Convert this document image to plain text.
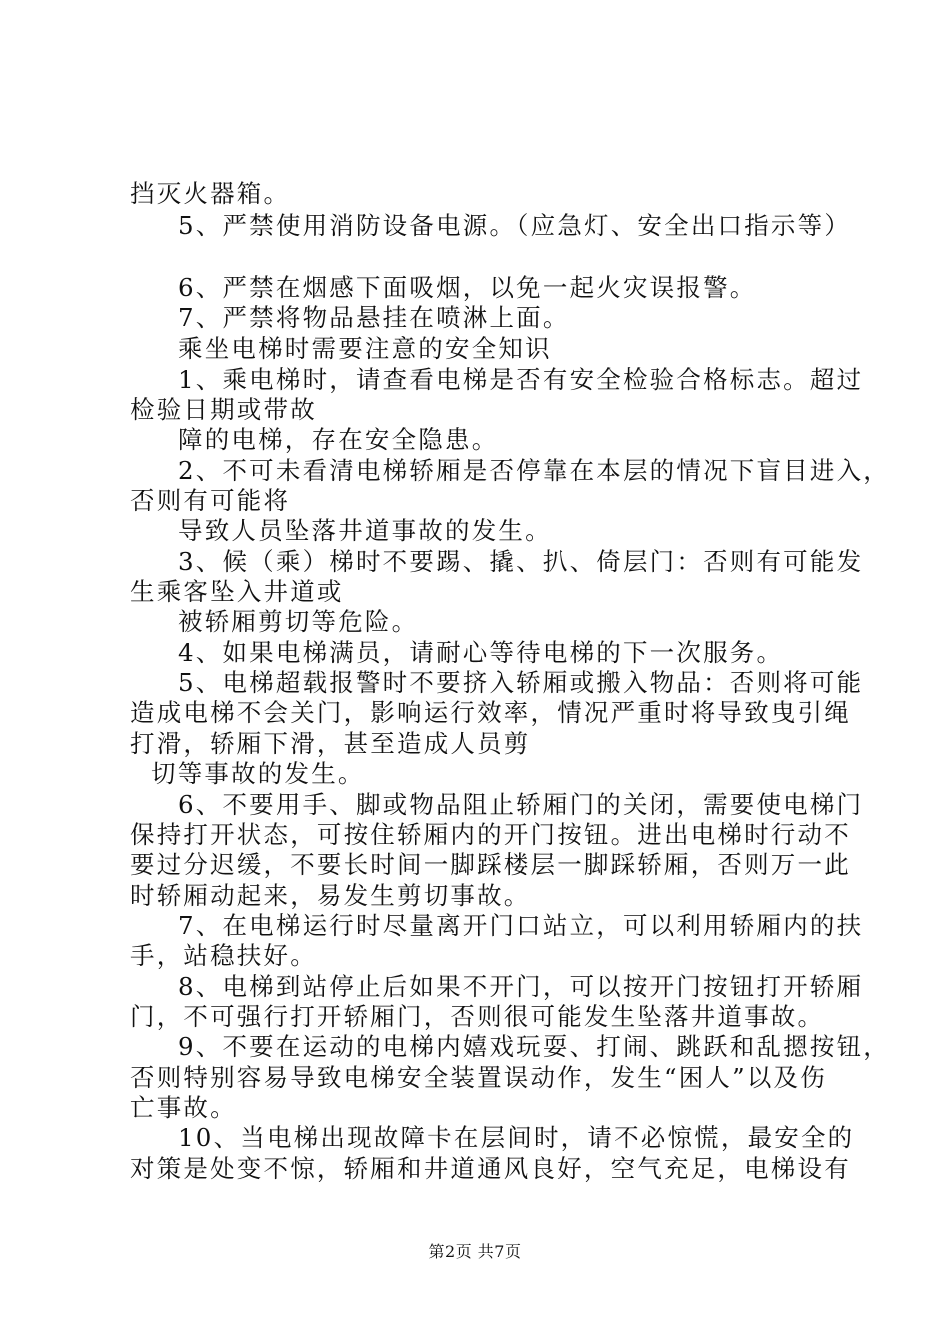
挡灭火器箱。
5、严禁使用消防设备电源。（应急灯、安全出口指示等）
6、严禁在烟感下面吸烟，以免一起火灾误报警。
7、严禁将物品悬挂在喷淋上面。
乘坐电梯时需要注意的安全知识
1、乘电梯时，请查看电梯是否有安全检验合格标志。超过
检验日期或带故
障的电梯，存在安全隐患。
2、不可未看清电梯轿厢是否停靠在本层的情况下盲目进入，
否则有可能将
导致人员坠落井道事故的发生。
3、候（乘）梯时不要踢、撬、扒、倚层门：否则有可能发
生乘客坠入井道或
被轿厢剪切等危险。
4、如果电梯满员，请耐心等待电梯的下一次服务。
5、电梯超载报警时不要挤入轿厢或搬入物品：否则将可能
造成电梯不会关门，影响运行效率，情况严重时将导致曳引绳
打滑，轿厢下滑，甚至造成人员剪
切等事故的发生。
6、不要用手、脚或物品阻止轿厢门的关闭，需要使电梯门
保持打开状态，可按住轿厢内的开门按钮。进出电梯时行动不
要过分迟缓，不要长时间一脚踩楼层一脚踩轿厢，否则万一此
时轿厢动起来，易发生剪切事故。
7、在电梯运行时尽量离开门口站立，可以利用轿厢内的扶
手，站稳扶好。
8、电梯到站停止后如果不开门，可以按开门按钮打开轿厢
门，不可强行打开轿厢门，否则很可能发生坠落井道事故。
9、不要在运动的电梯内嬉戏玩耍、打闹、跳跃和乱摁按钮，
否则特别容易导致电梯安全装置误动作，发生“困人”以及伤
亡事故。
10、当电梯出现故障卡在层间时，请不必惊慌，最安全的
对策是处变不惊，轿厢和井道通风良好，空气充足，电梯设有
第2页 共7页
